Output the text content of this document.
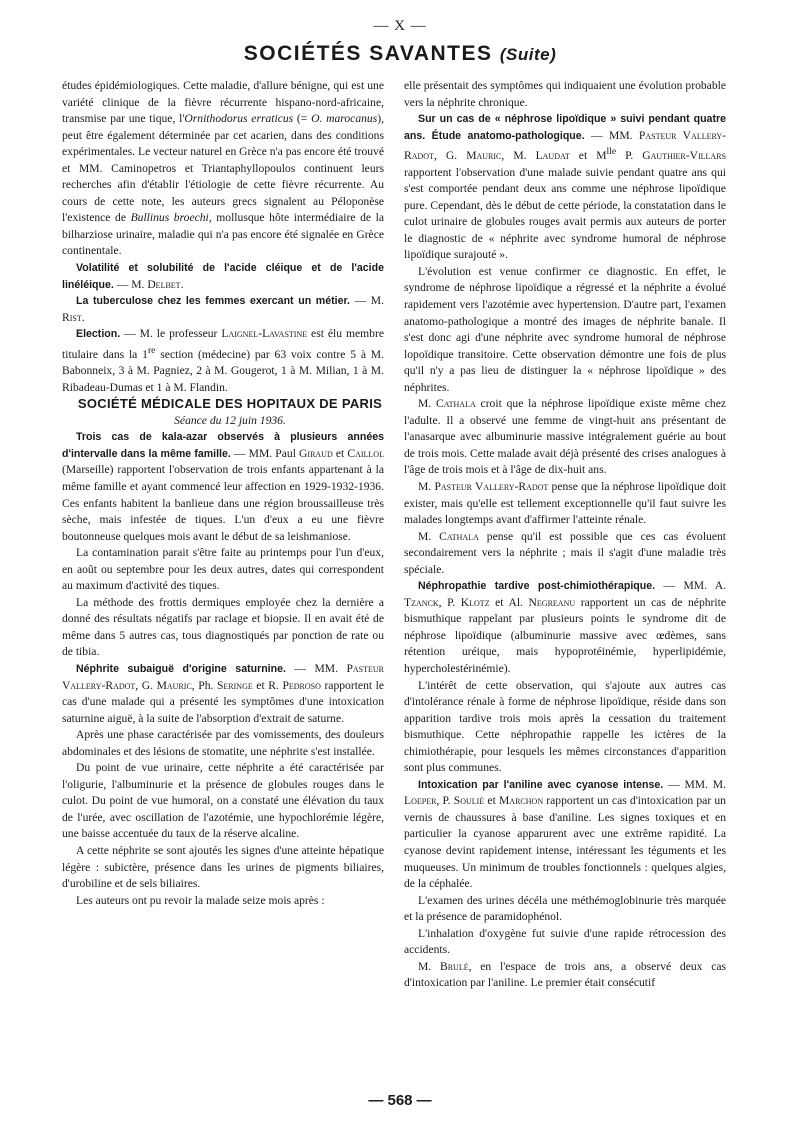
— X —
SOCIÉTÉS SAVANTES (Suite)

études épidémiologiques. Cette maladie, d'allure bénigne, qui est une variété clinique de la fièvre récurrente hispano-nord-africaine, transmise par une tique, l'Ornithodorus erraticus (= O. marocanus), peut être également déterminée par cet acarien, dans des conditions expérimentales. Le vecteur naturel en Grèce n'a pas encore été trouvé et MM. Caminopetros et Triantaphyllopoulos continuent leurs recherches afin d'établir l'étiologie de cette fièvre récurrente. Au cours de cette note, les auteurs grecs signalent au Péloponèse l'existence de Bullinus broechi, mollusque hôte intermédiaire de la bilharziose urinaire, maladie qui n'a pas encore été signalée en Grèce continentale.

Volatilité et solubilité de l'acide cléique et de l'acide linéléique. — M. Delbet.

La tuberculose chez les femmes exercant un métier. — M. Rist.

Election. — M. le professeur Laignel-Lavastine est élu membre titulaire dans la 1re section (médecine) par 63 voix contre 5 à M. Babonneix, 3 à M. Pagniez, 2 à M. Gougerot, 1 à M. Milian, 1 à M. Ribadeau-Dumas et 1 à M. Flandin.

SOCIÉTÉ MÉDICALE DES HOPITAUX DE PARIS

Séance du 12 juin 1936.

Trois cas de kala-azar observés à plusieurs années d'intervalle dans la même famille. — MM. Paul Giraud et Caillol (Marseille) rapportent l'observation de trois enfants appartenant à la même famille et ayant commencé leur affection en 1929-1932-1936. Ces enfants habitent la banlieue dans une région broussailleuse très sèche, mais infestée de tiques. L'un d'eux a eu une fièvre boutonneuse quelques mois avant le début de sa leishmaniose.

La contamination parait s'être faite au printemps pour l'un d'eux, en août ou septembre pour les deux autres, dates qui correspondent au maximum d'activité des tiques.

La méthode des frottis dermiques employée chez la dernière a donné des résultats négatifs par raclage et biopsie. Il en avait été de même dans 5 autres cas, tous diagnostiqués par ponction de rate ou de tibia.

Néphrite subaiguë d'origine saturnine. — MM. Pasteur Vallery-Radot, G. Mauric, Ph. Seringe et R. Pedroso rapportent le cas d'une malade qui a présenté les symptômes d'une intoxication saturnine aiguë, à la suite de l'absorption d'extrait de saturne.

Après une phase caractérisée par des vomissements, des douleurs abdominales et des lésions de stomatite, une néphrite s'est installée.

Du point de vue urinaire, cette néphrite a été caractérisée par l'oligurie, l'albuminurie et la présence de globules rouges dans le culot. Du point de vue humoral, on a constaté une élévation du taux de l'urée, avec oscillation de l'azotémie, une hypochlorémie légère, une baisse accentuée du taux de la réserve alcaline.

A cette néphrite se sont ajoutés les signes d'une atteinte hépatique légère : subictère, présence dans les urines de pigments biliaires, d'urobiline et de sels biliaires.

Les auteurs ont pu revoir la malade seize mois après :

elle présentait des symptômes qui indiquaient une évolution probable vers la néphrite chronique.

Sur un cas de « néphrose lipoïdique » suivi pendant quatre ans. Étude anatomo-pathologique. — MM. Pasteur Vallery-Radot, G. Mauric, M. Laudat et $M^{lle}$ P. Gauthier-Villars rapportent l'observation d'une malade suivie pendant quatre ans qui s'est comportée pendant deux ans comme une néphrose lipoïdique pure. Cependant, dès le début de cette période, la constatation dans le culot urinaire de globules rouges avait permis aux auteurs de porter le diagnostic de « néphrite avec syndrome humoral de néphrose lipoïdique surajouté ».

L'évolution est venue confirmer ce diagnostic. En effet, le syndrome de néphrose lipoïdique a régressé et la néphrite a évolué rapidement vers l'azotémie avec hypertension. D'autre part, l'examen anatomo-pathologique a montré des images de néphrite banale. Il s'est donc agi d'une néphrite avec syndrome humoral de néphrose lopoïdique transitoire. Cette observation démontre une fois de plus qu'il n'y a pas lieu de distinguer la « néphrose lipoïdique » des néphrites.

M. Cathala croit que la néphrose lipoïdique existe même chez l'adulte. Il a observé une femme de vingt-huit ans présentant de l'anasarque avec albuminurie massive intégralement guérie au bout de trois mois. Cette malade avait déjà présenté des crises analogues à l'âge de trois mois et à l'âge de dix-huit ans.

M. Pasteur Vallery-Radot pense que la néphrose lipoïdique doit exister, mais qu'elle est tellement exceptionnelle qu'il faut suivre les malades longtemps avant d'affirmer l'atteinte rénale.

M. Cathala pense qu'il est possible que ces cas évoluent secondairement vers la néphrite ; mais il s'agit d'une maladie très spéciale.

Néphropathie tardive post-chimiothérapique. — MM. A. Tzanck, P. Klotz et Al. Negreanu rapportent un cas de néphrite bismuthique rappelant par plusieurs points le syndrome dit de néphrose lipoïdique (albuminurie massive avec œdèmes, sans rétention uréique, mais hypoprotéinémie, hyperlipidémie, hypercholestérinémie).

L'intérêt de cette observation, qui s'ajoute aux autres cas d'intolérance rénale à forme de néphrose lipoïdique, réside dans son apparition tardive trois mois après la cessation du traitement bismuthique. Cette néphropathie rappelle les ictères de la chimiothérapie, pour lesquels les mêmes circonstances d'apparition sont plus communes.

Intoxication par l'aniline avec cyanose intense. — MM. M. Loeper, P. Soulié et Marchon rapportent un cas d'intoxication par un vernis de chaussures à base d'aniline. Les signes toxiques et en particulier la cyanose apparurent avec une extrême rapidité. La cyanose devint rapidement intense, intéressant les téguments et les muqueuses. Un minimum de troubles fonctionnels : quelques algies, de la céphalée.

L'examen des urines décéla une méthémoglobinurie très marquée et la présence de paramidophénol.

L'inhalation d'oxygène fut suivie d'une rapide rétrocession des accidents.

M. Brulé, en l'espace de trois ans, a observé deux cas d'intoxication par l'aniline. Le premier était consécutif

— 568 —
